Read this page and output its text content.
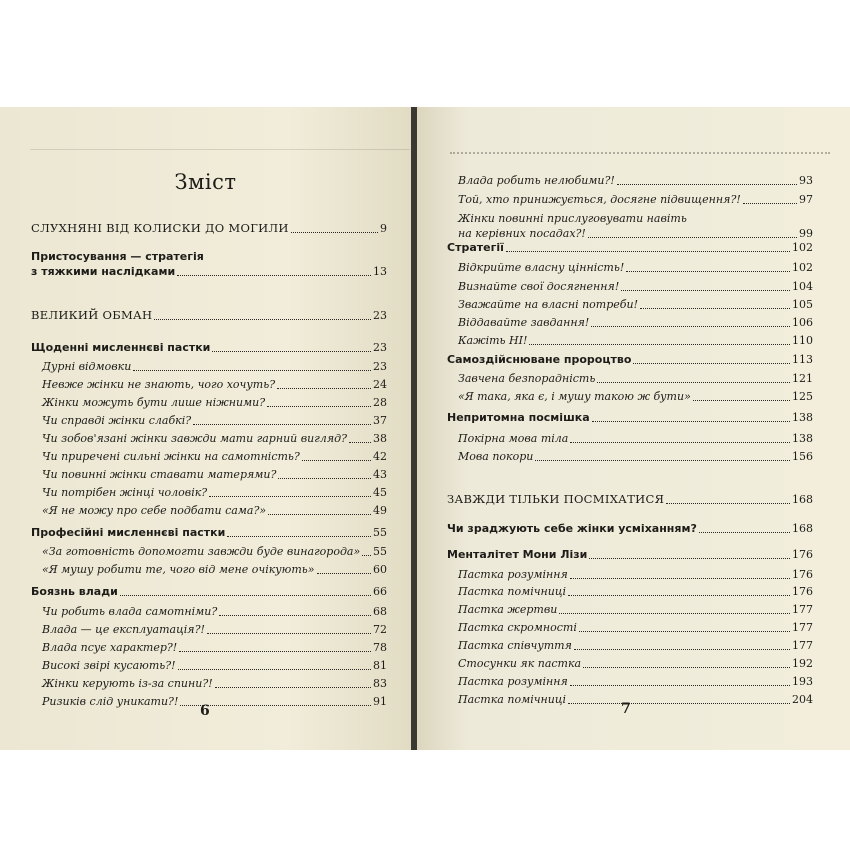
Зміст
СЛУХНЯНІ ВІД КОЛИСКИ ДО МОГИЛИ	9
Пристосування — стратегія
з тяжкими наслідками	13
ВЕЛИКИЙ ОБМАН	23
Щоденні мисленнєві пастки	23
Дурні відмовки	23
Невже жінки не знають, чого хочуть?	24
Жінки можуть бути лише ніжними?	28
Чи справді жінки слабкі?	37
Чи зобов'язані жінки завжди мати гарний вигляд? 38
Чи приречені сильні жінки на самотність?	42
Чи повинні жінки ставати матерями?	43
Чи потрібен жінці чоловік?	45
«Я не можу про себе подбати сама?»	49
Професійні мисленнєві пастки	55
«За готовність допомогти завжди буде винагорода» 55
«Я мушу робити те, чого від мене очікують»	60
Боязнь влади	66
Чи робить влада самотніми?	68
Влада — це експлуатація?!	72
Влада псує характер?!	78
Високі звірі кусають?!	81
Жінки керують із-за спини?!	83
Ризиків слід уникати?!	91
6
Влада робить нелюбими?!	93
Той, хто принижується, досягне підвищення?!	97
Жінки повинні прислуговувати навіть
на керівних посадах?!	99
Стратегії	102
Відкрийте власну цінність!	102
Визнайте свої досягнення!	104
Зважайте на власні потреби!	105
Віддавайте завдання!	106
Кажіть НІ!	110
Самоздійснюване пророцтво	113
Завчена безпорадність	121
«Я така, яка є, і мушу такою ж бути»	125
Непритомна посмішка	138
Покірна мова тіла	138
Мова покори	156
ЗАВЖДИ ТІЛЬКИ ПОСМІХАТИСЯ	168
Чи зраджують себе жінки усміханням?	168
Менталітет Мони Лізи	176
Пастка розуміння	176
Пастка помічниці	176
Пастка жертви	177
Пастка скромності	177
Пастка співчуття	177
Стосунки як пастка	192
Пастка розуміння	193
Пастка помічниці	204
7
